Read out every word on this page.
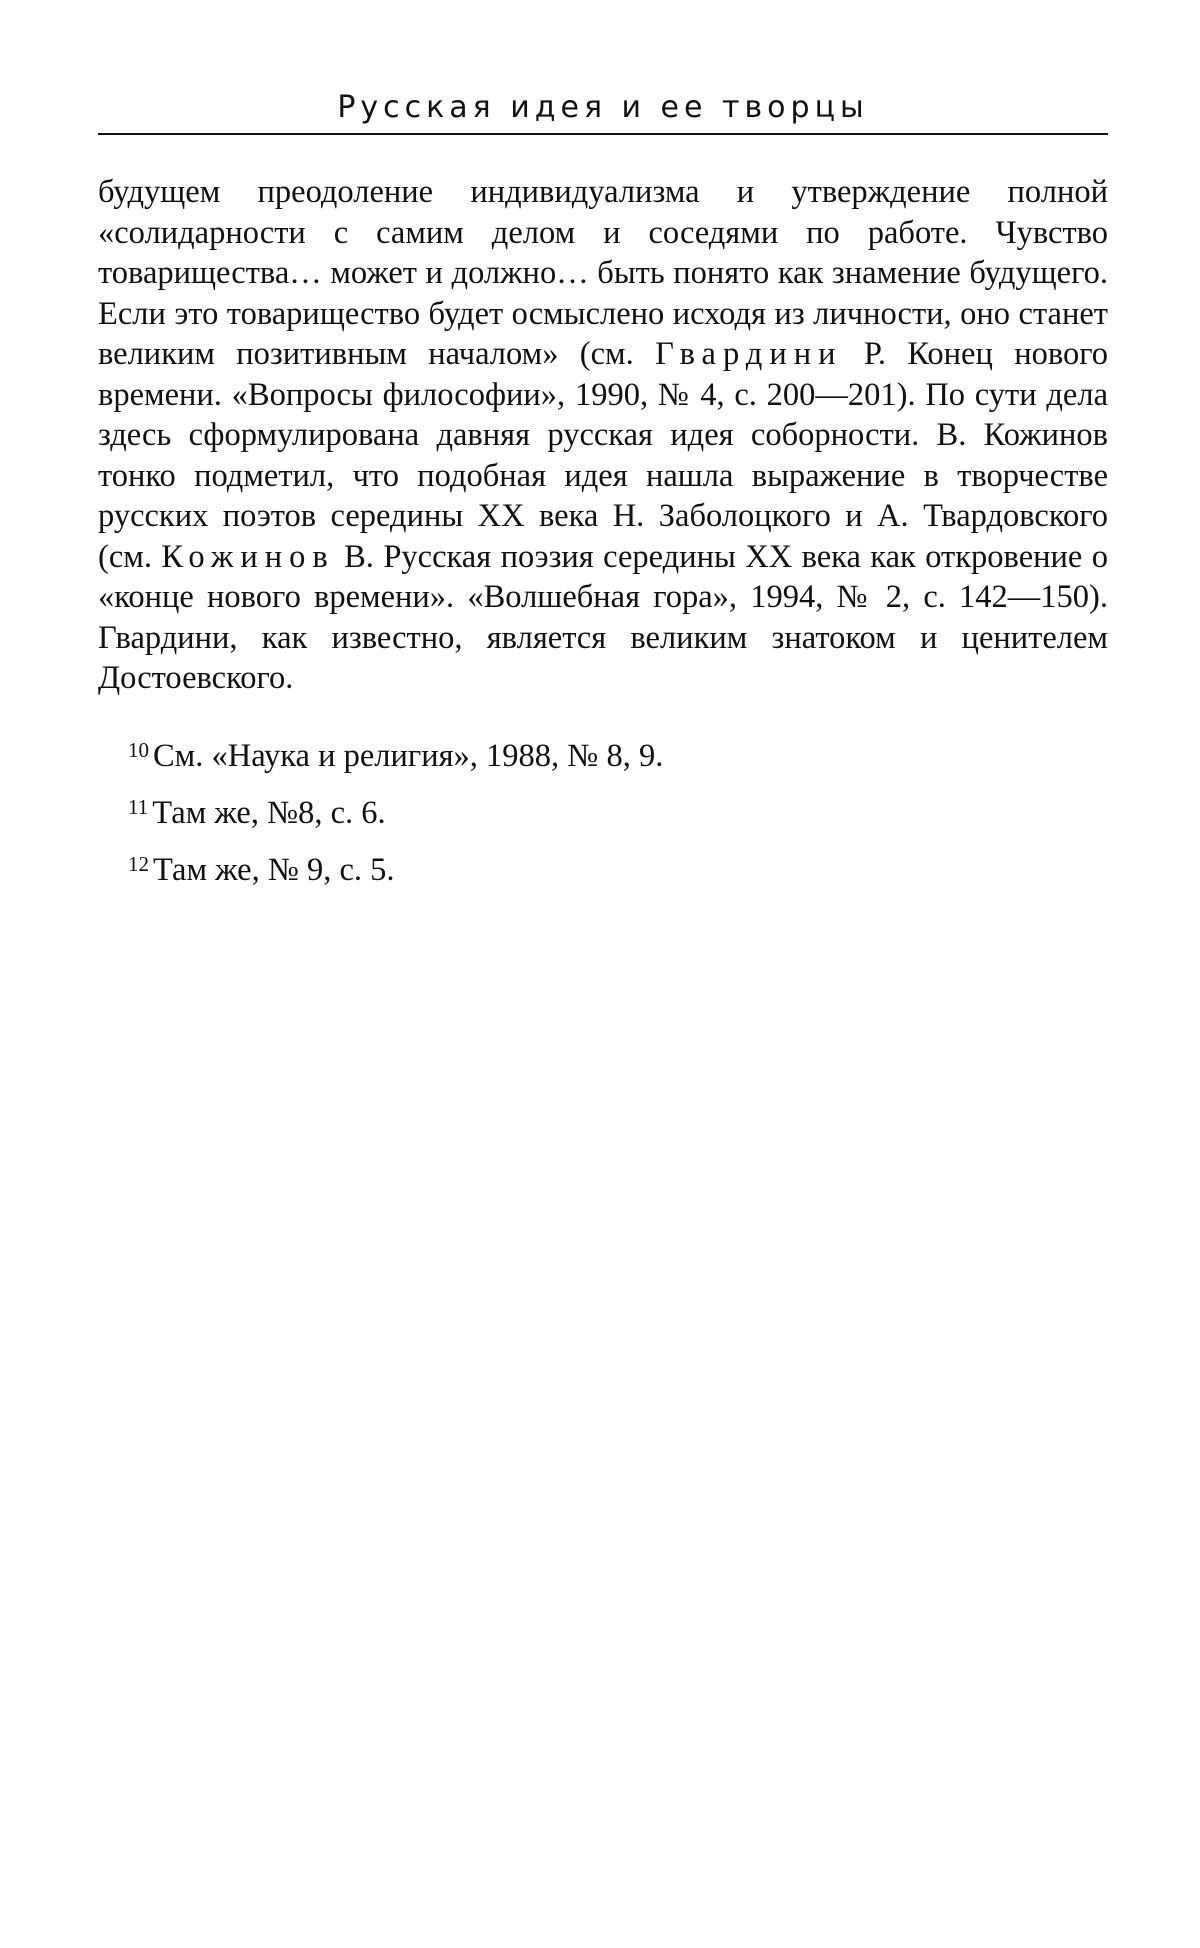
Русская идея и ее творцы

будущем преодоление индивидуализма и утверждение полной «солидарности с самим делом и соседями по работе. Чувство товарищества… может и должно… быть понято как знамение будущего. Если это товарищество будет осмыслено исходя из личности, оно станет великим позитивным началом» (см. Гвардини Р. Конец нового времени. «Вопросы философии», 1990, № 4, с. 200—201). По сути дела здесь сформулирована давняя русская идея соборности. В. Кожинов тонко подметил, что подобная идея нашла выражение в творчестве русских поэтов середины XX века Н. Заболоцкого и А. Твардовского (см. Кожинов В. Русская поэзия середины XX века как откровение о «конце нового времени». «Волшебная гора», 1994, № 2, с. 142—150). Гвардини, как известно, является великим знатоком и ценителем Достоевского.

$^{10}$ См. «Наука и религия», 1988, № 8, 9.

$^{11}$ Там же, №8, с. 6.

$^{12}$ Там же, № 9, с. 5.
